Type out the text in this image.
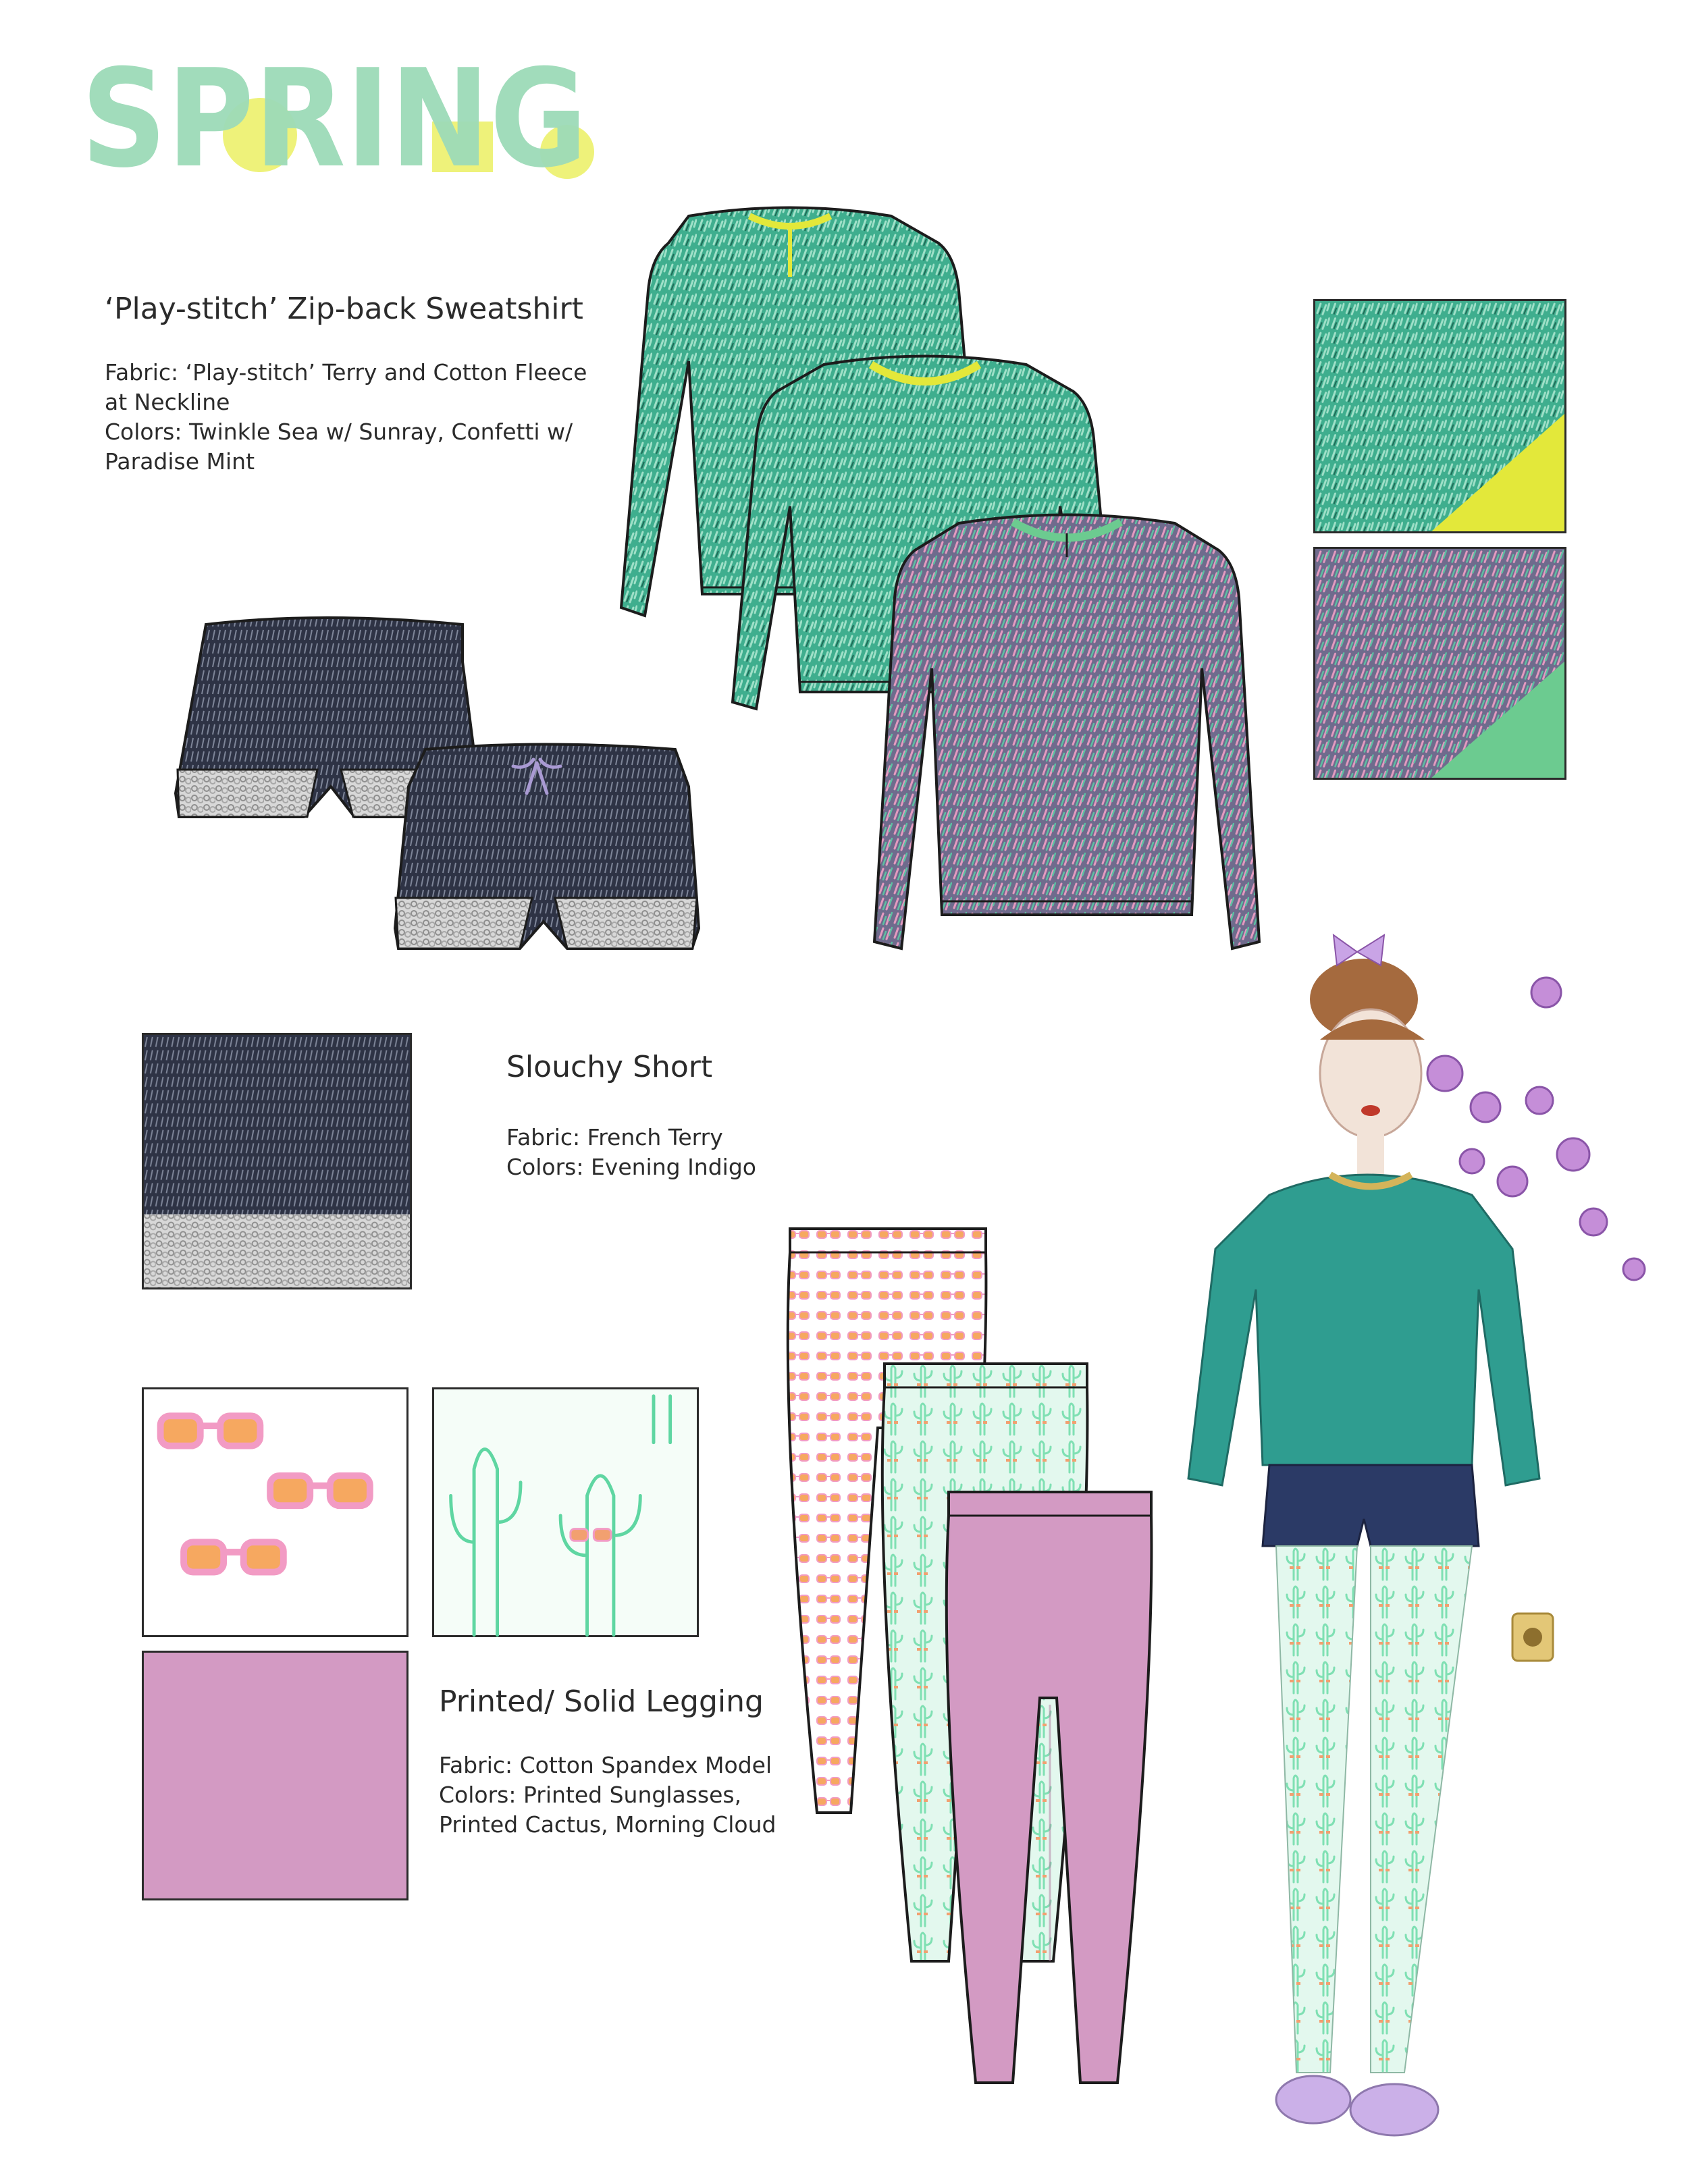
SPRING
‘Play-stitch’ Zip-back Sweatshirt

Fabric: ‘Play-stitch’ Terry and Cotton Fleece
at Neckline
Colors: Twinkle Sea w/ Sunray, Confetti w/
Paradise Mint

Slouchy Short

Fabric: French Terry
Colors: Evening Indigo

Printed/ Solid Legging

Fabric: Cotton Spandex Model
Colors: Printed Sunglasses,
Printed Cactus, Morning Cloud
